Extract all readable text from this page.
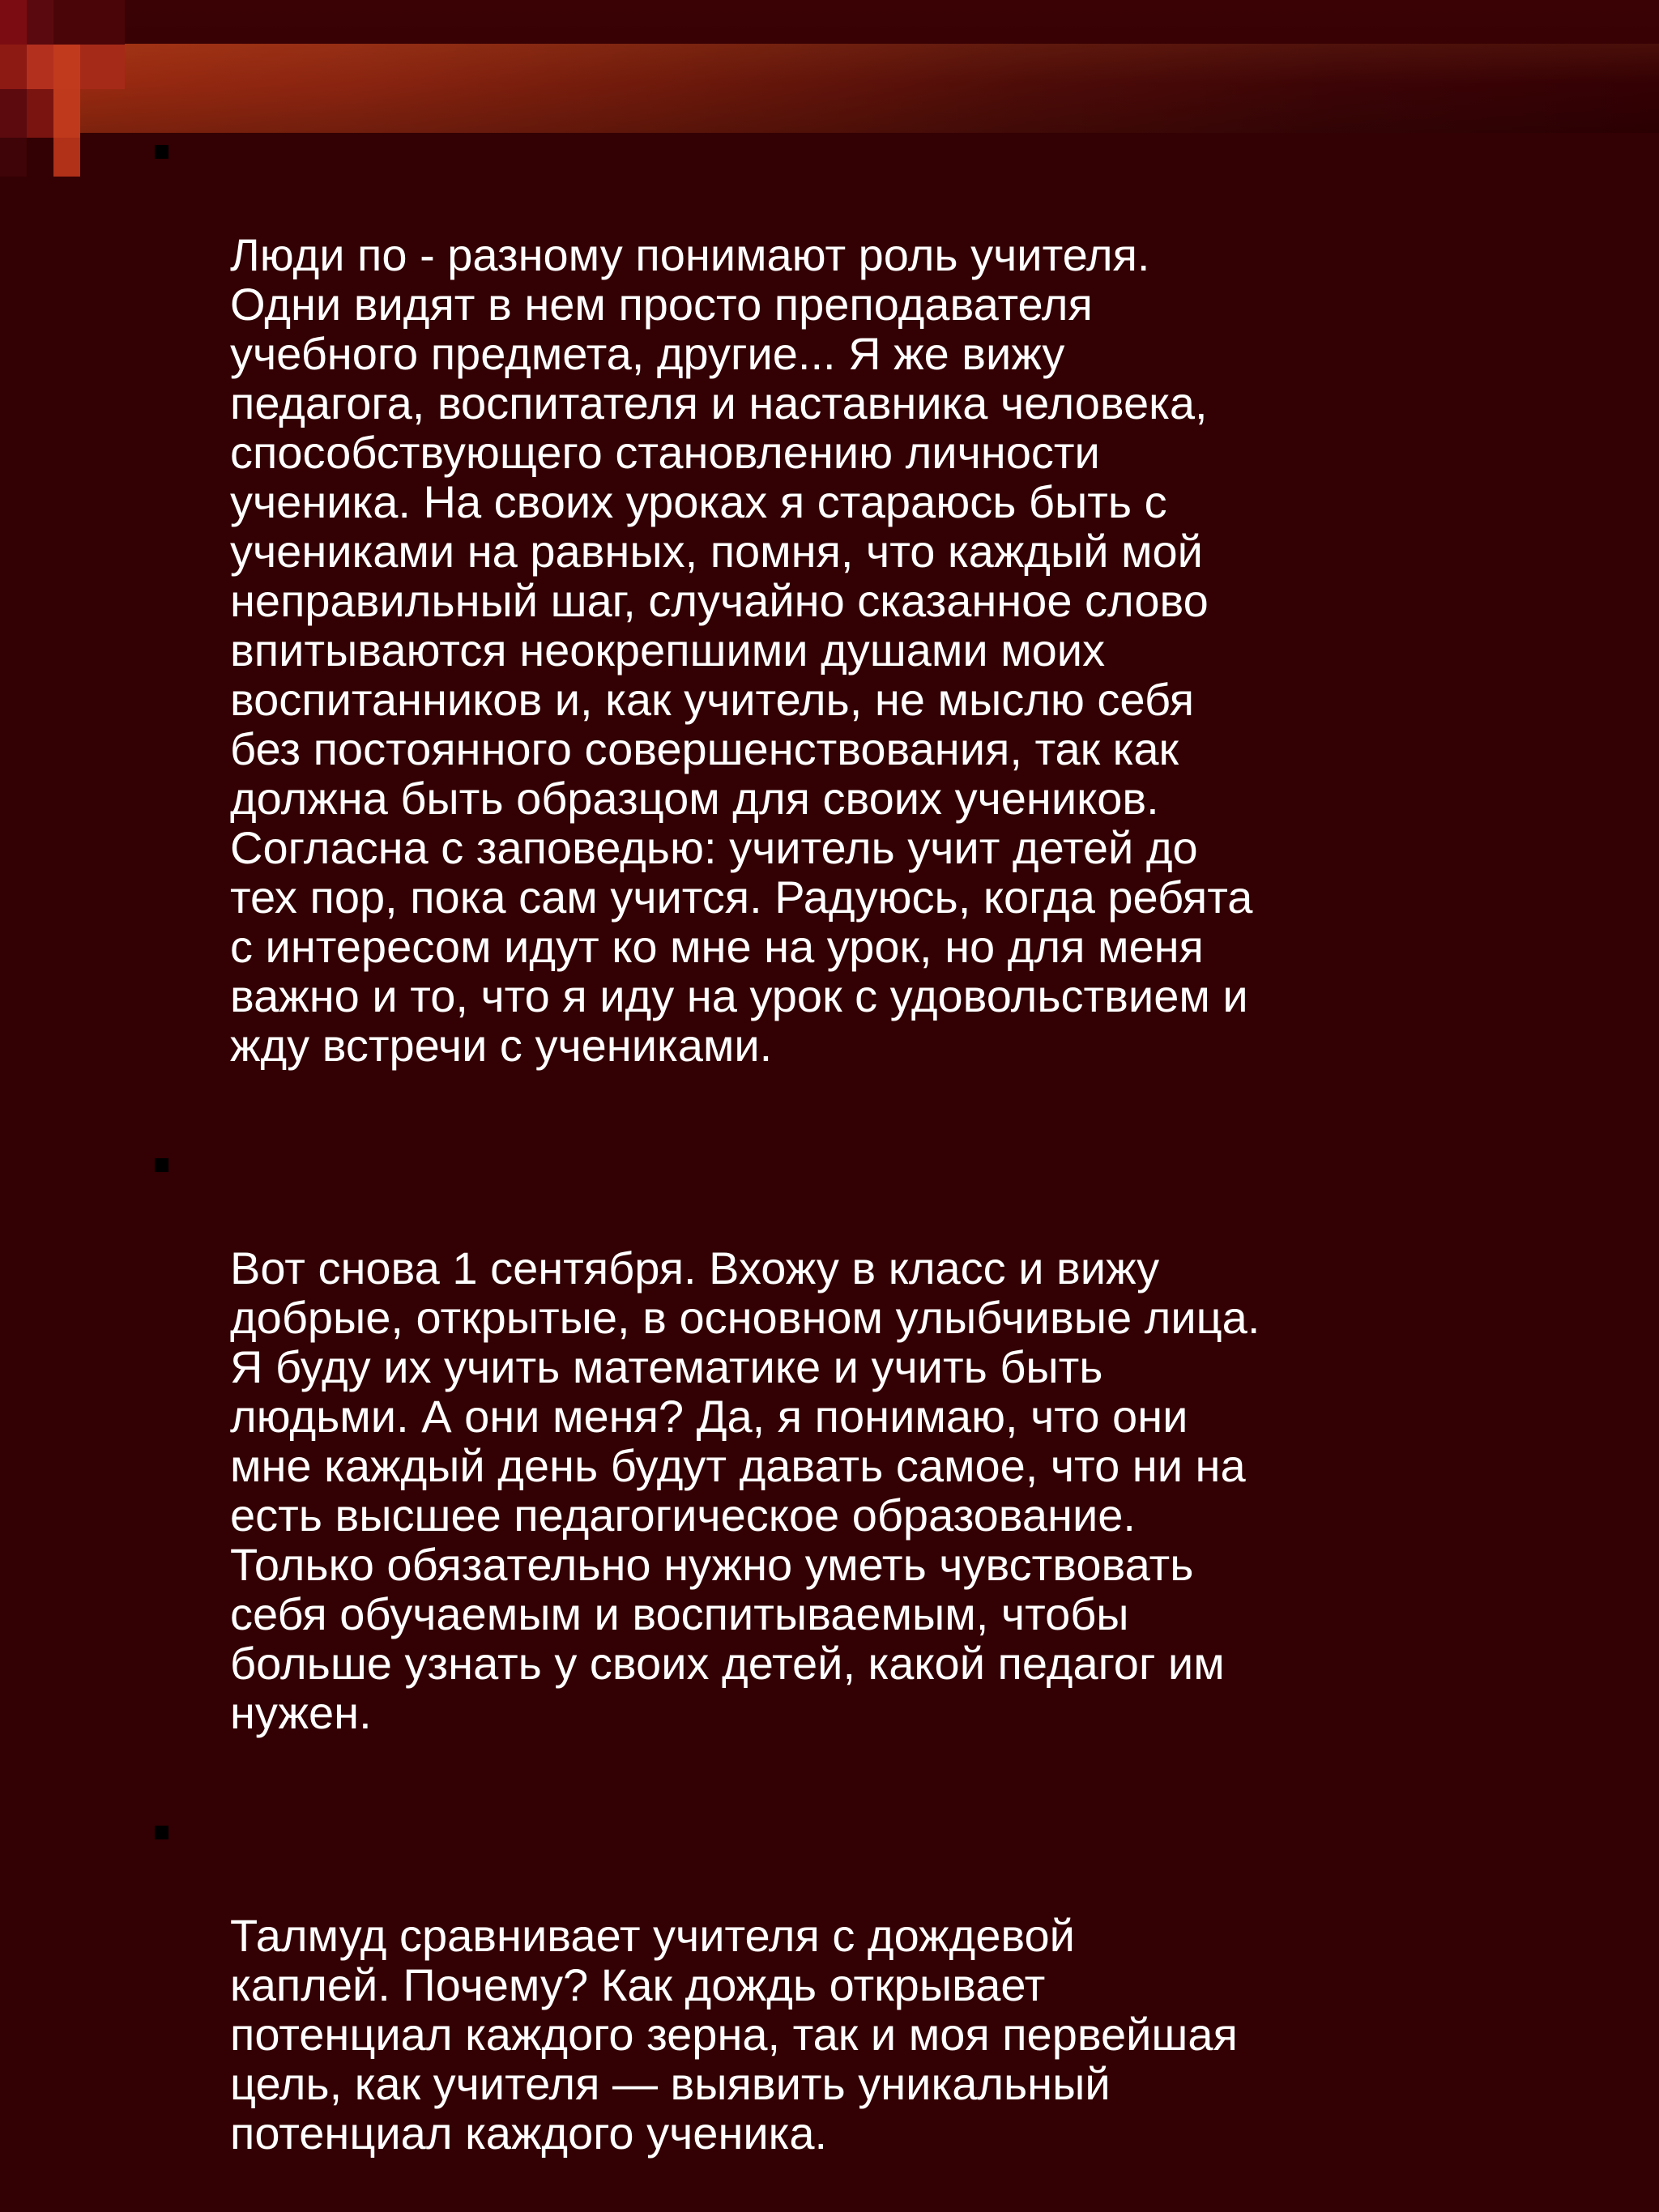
Люди по - разному понимают роль учителя.
Одни видят в нем просто преподавателя
учебного предмета, другие... Я же вижу
педагога, воспитателя и наставника человека,
способствующего становлению личности
ученика. На своих уроках я стараюсь быть с
учениками на равных, помня, что каждый мой
неправильный шаг, случайно сказанное слово
впитываются неокрепшими душами моих
воспитанников и, как учитель, не мыслю себя
без постоянного совершенствования, так как
должна быть образцом для своих учеников.
Согласна с заповедью: учитель учит детей до
тех пор, пока сам учится. Радуюсь, когда ребята
с интересом идут ко мне на урок, но для меня
важно и то, что я иду на урок с удовольствием и
жду встречи с учениками.

Вот снова 1 сентября. Вхожу в класс и вижу
добрые, открытые, в основном улыбчивые лица.
Я буду их учить математике и учить быть
людьми. А они меня? Да, я понимаю, что они
мне каждый день будут давать самое, что ни на
есть высшее педагогическое образование.
Только обязательно нужно уметь чувствовать
себя обучаемым и воспитываемым, чтобы
больше узнать у своих детей, какой педагог им
нужен.

Талмуд сравнивает учителя с дождевой
каплей. Почему? Как дождь открывает
потенциал каждого зерна, так и моя первейшая
цель, как учителя — выявить уникальный
потенциал каждого ученика.
